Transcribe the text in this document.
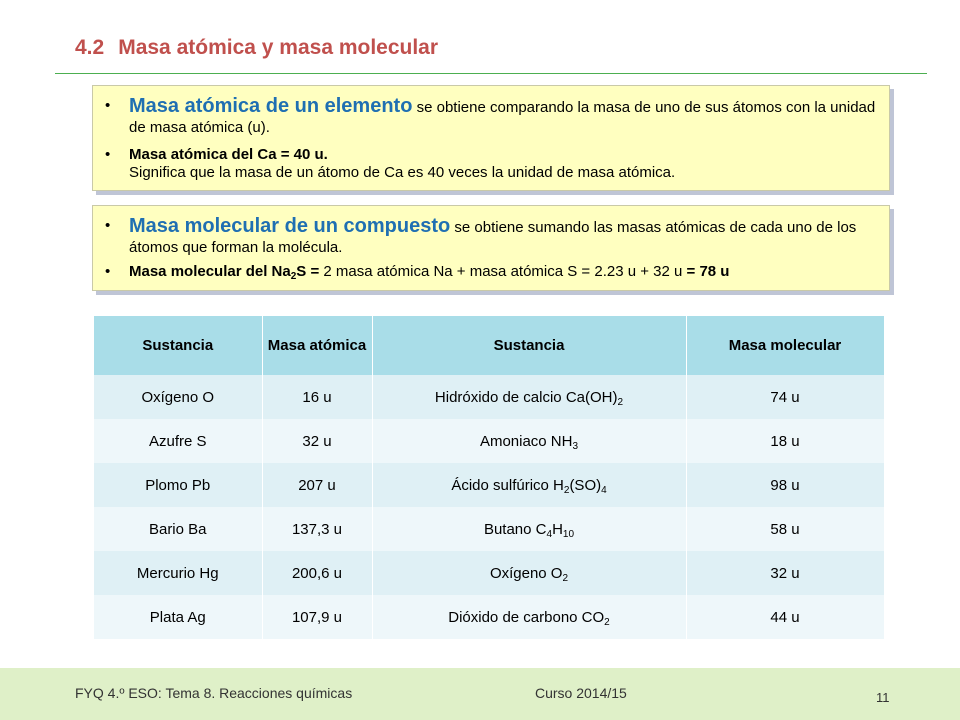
4.2 Masa atómica y masa molecular
• Masa atómica de un elemento se obtiene comparando la masa de uno de sus átomos con la unidad de masa atómica (u).
•	Masa atómica del Ca = 40 u.
Significa que la masa de un átomo de Ca es 40 veces la unidad de masa atómica.
• Masa molecular de un compuesto se obtiene sumando las masas atómicas de cada uno de los átomos que forman la molécula.
•	Masa molecular del $Na_2S = 2$ masa atómica Na + masa atómica S = 2.23 u + 32 u = 78 u
Sustancia	Masa atómica	Sustancia	Masa molecular
Oxígeno O	16 u	Hidróxido de calcio $Ca(OH)_2$	74 u
Azufre S	32 u	Amoniaco $NH_3$	18 u
Plomo Pb	207 u	Ácido sulfúrico $H_2(SO)_4$	98 u
Bario Ba	137,3 u	Butano $C_4H_{10}$	58 u
Mercurio Hg	200,6 u	Oxígeno $O_2$	32 u
Plata Ag	107,9 u	Dióxido de carbono $CO_2$	44 u
FYQ 4.º ESO: Tema 8. Reacciones químicas	Curso 2014/15	11
